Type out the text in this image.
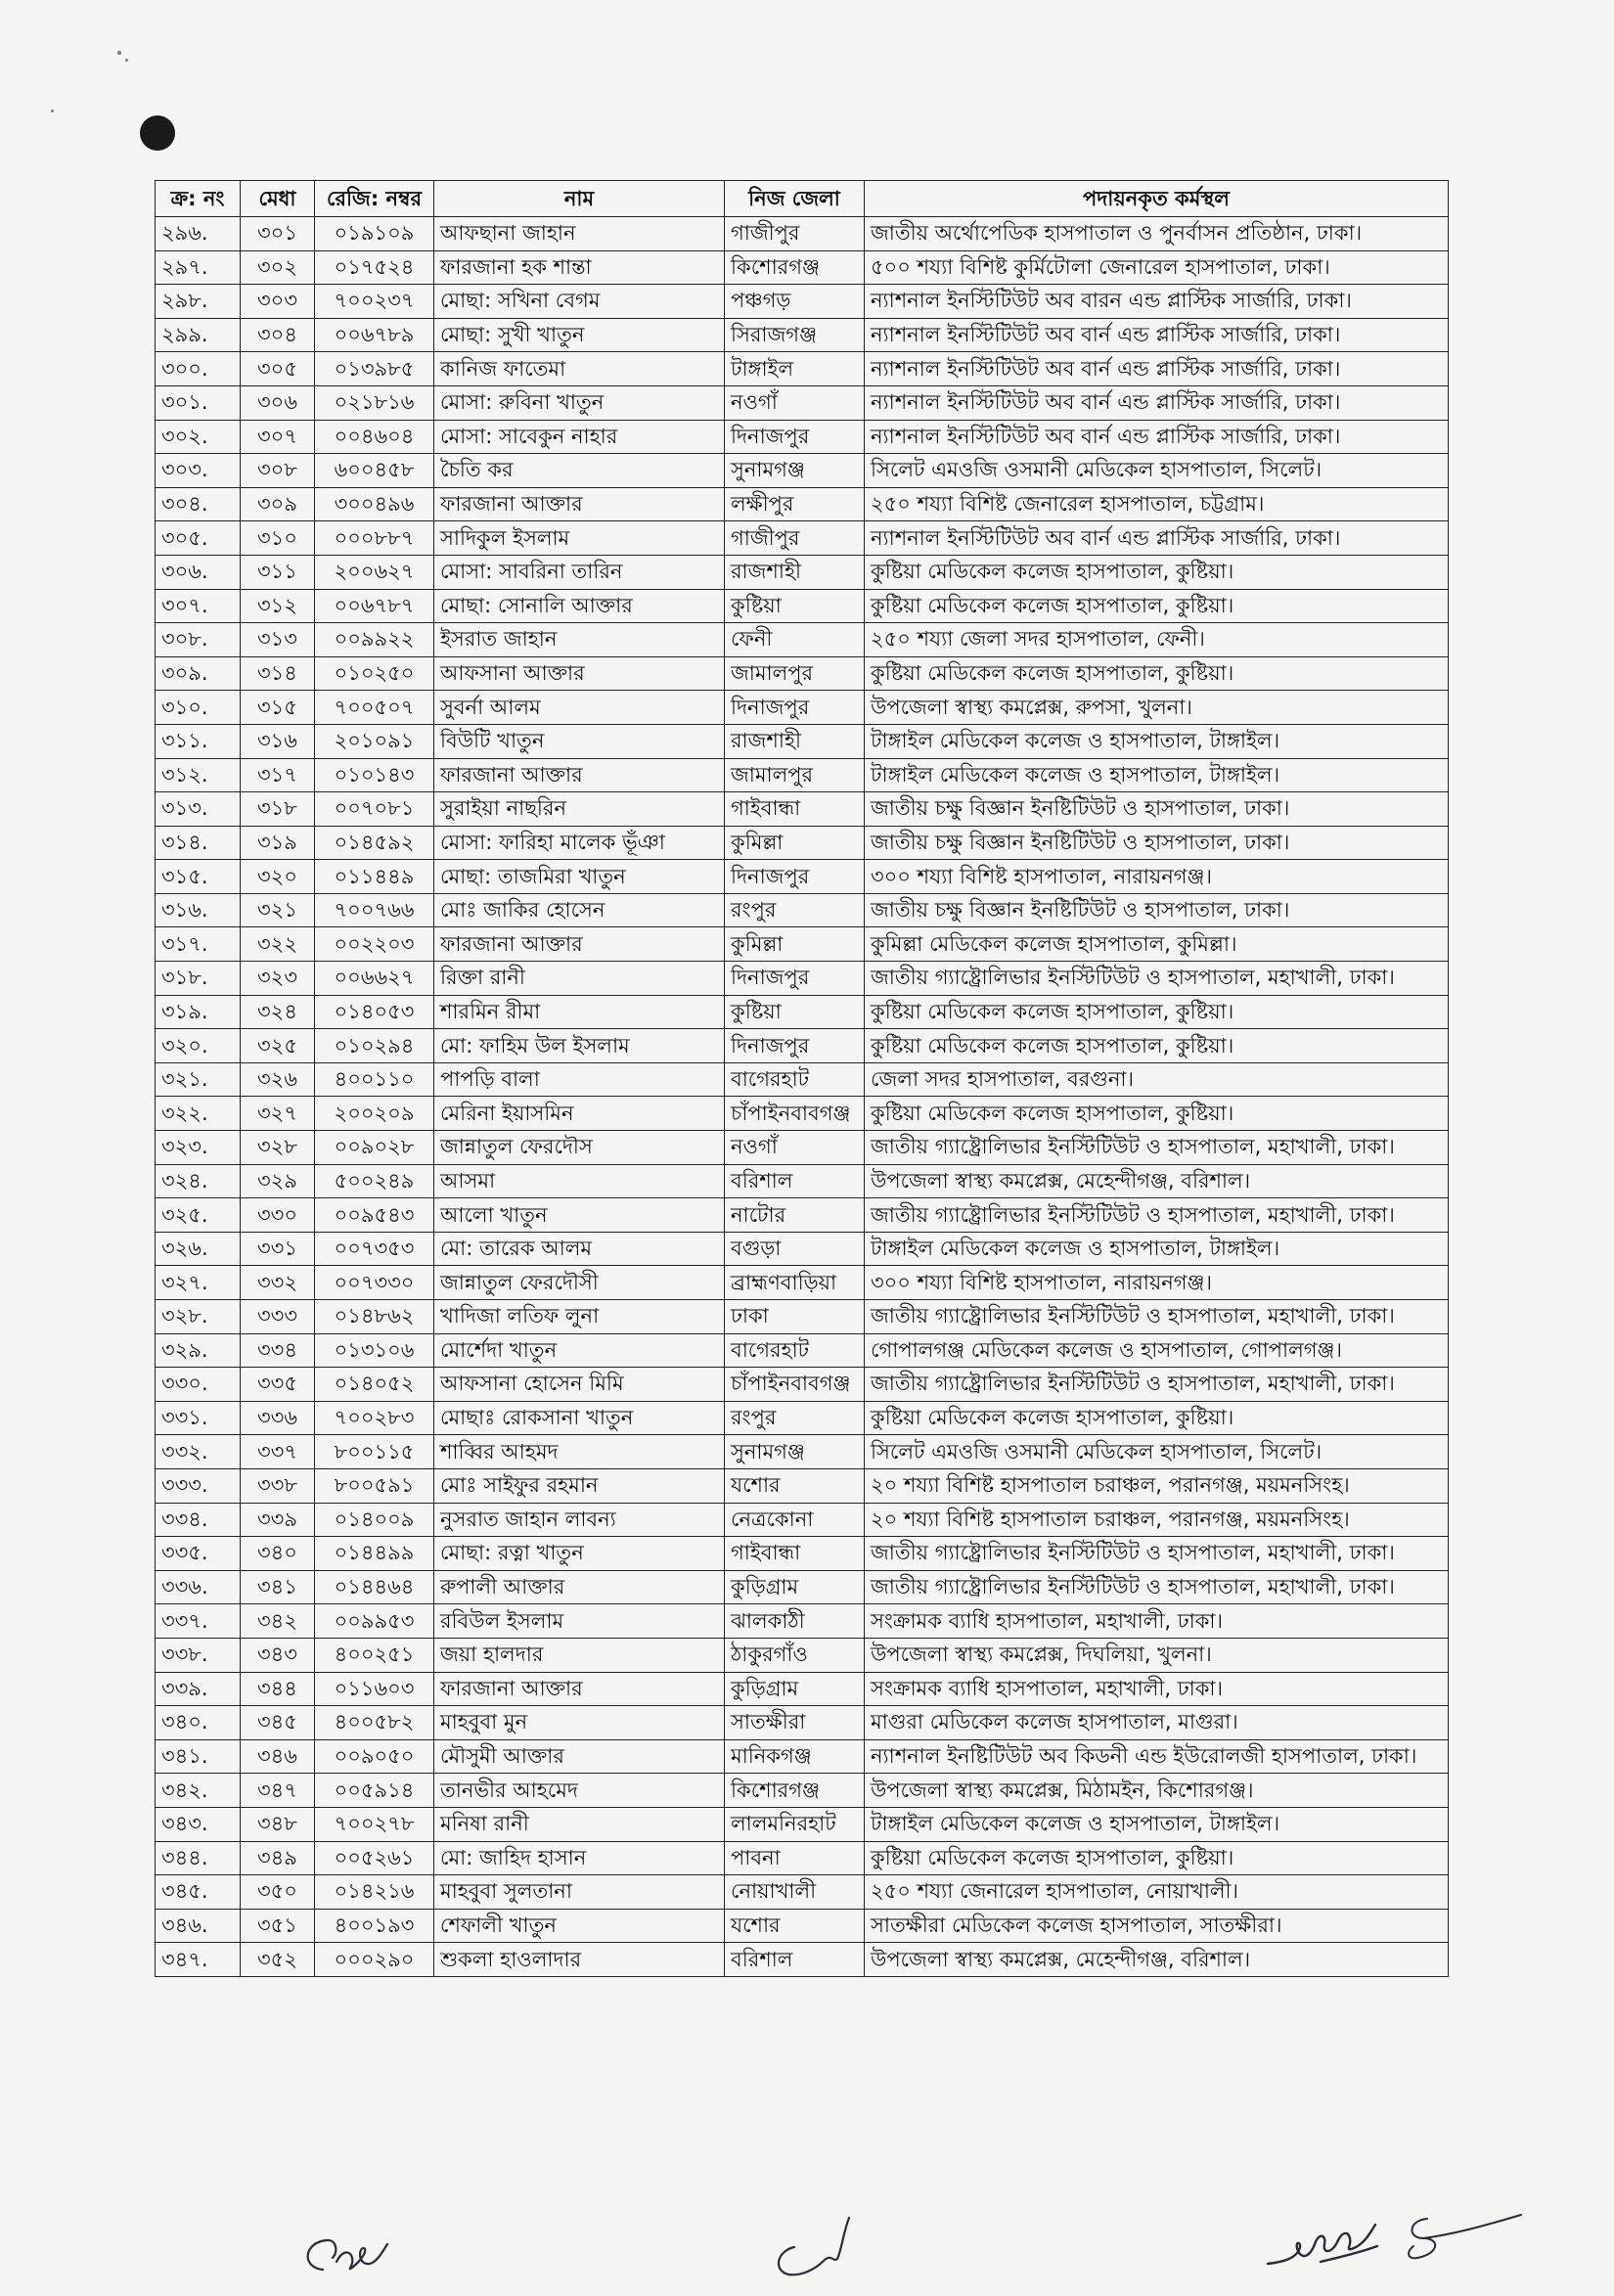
ক্র: নং	মেধা	রেজি: নম্বর	নাম	নিজ জেলা	পদায়নকৃত কর্মস্থল
২৯৬.	৩০১	০১৯১০৯	আফছানা জাহান	গাজীপুর	জাতীয় অর্থোপেডিক হাসপাতাল ও পুনর্বাসন প্রতিষ্ঠান, ঢাকা।
২৯৭.	৩০২	০১৭৫২৪	ফারজানা হক শান্তা	কিশোরগঞ্জ	৫০০ শয্যা বিশিষ্ট কুর্মিটোলা জেনারেল হাসপাতাল, ঢাকা।
২৯৮.	৩০৩	৭০০২৩৭	মোছা: সখিনা বেগম	পঞ্চগড়	ন্যাশনাল ইনস্টিটিউট অব বারন এন্ড প্লাস্টিক সার্জারি, ঢাকা।
২৯৯.	৩০৪	০০৬৭৮৯	মোছা: সুখী খাতুন	সিরাজগঞ্জ	ন্যাশনাল ইনস্টিটিউট অব বার্ন এন্ড প্লাস্টিক সার্জারি, ঢাকা।
৩০০.	৩০৫	০১৩৯৮৫	কানিজ ফাতেমা	টাঙ্গাইল	ন্যাশনাল ইনস্টিটিউট অব বার্ন এন্ড প্লাস্টিক সার্জারি, ঢাকা।
৩০১.	৩০৬	০২১৮১৬	মোসা: রুবিনা খাতুন	নওগাঁ	ন্যাশনাল ইনস্টিটিউট অব বার্ন এন্ড প্লাস্টিক সার্জারি, ঢাকা।
৩০২.	৩০৭	০০৪৬০৪	মোসা: সাবেকুন নাহার	দিনাজপুর	ন্যাশনাল ইনস্টিটিউট অব বার্ন এন্ড প্লাস্টিক সার্জারি, ঢাকা।
৩০৩.	৩০৮	৬০০৪৫৮	চৈতি কর	সুনামগঞ্জ	সিলেট এমওজি ওসমানী মেডিকেল হাসপাতাল, সিলেট।
৩০৪.	৩০৯	৩০০৪৯৬	ফারজানা আক্তার	লক্ষীপুর	২৫০ শয্যা বিশিষ্ট জেনারেল হাসপাতাল, চট্টগ্রাম।
৩০৫.	৩১০	০০০৮৮৭	সাদিকুল ইসলাম	গাজীপুর	ন্যাশনাল ইনস্টিটিউট অব বার্ন এন্ড প্লাস্টিক সার্জারি, ঢাকা।
৩০৬.	৩১১	২০০৬২৭	মোসা: সাবরিনা তারিন	রাজশাহী	কুষ্টিয়া মেডিকেল কলেজ হাসপাতাল, কুষ্টিয়া।
৩০৭.	৩১২	০০৬৭৮৭	মোছা: সোনালি আক্তার	কুষ্টিয়া	কুষ্টিয়া মেডিকেল কলেজ হাসপাতাল, কুষ্টিয়া।
৩০৮.	৩১৩	০০৯৯২২	ইসরাত জাহান	ফেনী	২৫০ শয্যা জেলা সদর হাসপাতাল, ফেনী।
৩০৯.	৩১৪	০১০২৫০	আফসানা আক্তার	জামালপুর	কুষ্টিয়া মেডিকেল কলেজ হাসপাতাল, কুষ্টিয়া।
৩১০.	৩১৫	৭০০৫০৭	সুবর্না আলম	দিনাজপুর	উপজেলা স্বাস্থ্য কমপ্লেক্স, রুপসা, খুলনা।
৩১১.	৩১৬	২০১০৯১	বিউটি খাতুন	রাজশাহী	টাঙ্গাইল মেডিকেল কলেজ ও হাসপাতাল, টাঙ্গাইল।
৩১২.	৩১৭	০১০১৪৩	ফারজানা আক্তার	জামালপুর	টাঙ্গাইল মেডিকেল কলেজ ও হাসপাতাল, টাঙ্গাইল।
৩১৩.	৩১৮	০০৭০৮১	সুরাইয়া নাছরিন	গাইবান্ধা	জাতীয় চক্ষু বিজ্ঞান ইনষ্টিটিউট ও হাসপাতাল, ঢাকা।
৩১৪.	৩১৯	০১৪৫৯২	মোসা: ফারিহা মালেক ভূঁঞা	কুমিল্লা	জাতীয় চক্ষু বিজ্ঞান ইনষ্টিটিউট ও হাসপাতাল, ঢাকা।
৩১৫.	৩২০	০১১৪৪৯	মোছা: তাজমিরা খাতুন	দিনাজপুর	৩০০ শয্যা বিশিষ্ট হাসপাতাল, নারায়নগঞ্জ।
৩১৬.	৩২১	৭০০৭৬৬	মোঃ জাকির হোসেন	রংপুর	জাতীয় চক্ষু বিজ্ঞান ইনষ্টিটিউট ও হাসপাতাল, ঢাকা।
৩১৭.	৩২২	০০২২০৩	ফারজানা আক্তার	কুমিল্লা	কুমিল্লা মেডিকেল কলেজ হাসপাতাল, কুমিল্লা।
৩১৮.	৩২৩	০০৬৬২৭	রিক্তা রানী	দিনাজপুর	জাতীয় গ্যাষ্ট্রোলিভার ইনস্টিটিউট ও হাসপাতাল, মহাখালী, ঢাকা।
৩১৯.	৩২৪	০১৪০৫৩	শারমিন রীমা	কুষ্টিয়া	কুষ্টিয়া মেডিকেল কলেজ হাসপাতাল, কুষ্টিয়া।
৩২০.	৩২৫	০১০২৯৪	মো: ফাহিম উল ইসলাম	দিনাজপুর	কুষ্টিয়া মেডিকেল কলেজ হাসপাতাল, কুষ্টিয়া।
৩২১.	৩২৬	৪০০১১০	পাপড়ি বালা	বাগেরহাট	জেলা সদর হাসপাতাল, বরগুনা।
৩২২.	৩২৭	২০০২০৯	মেরিনা ইয়াসমিন	চাঁপাইনবাবগঞ্জ	কুষ্টিয়া মেডিকেল কলেজ হাসপাতাল, কুষ্টিয়া।
৩২৩.	৩২৮	০০৯০২৮	জান্নাতুল ফেরদৌস	নওগাঁ	জাতীয় গ্যাষ্ট্রোলিভার ইনস্টিটিউট ও হাসপাতাল, মহাখালী, ঢাকা।
৩২৪.	৩২৯	৫০০২৪৯	আসমা	বরিশাল	উপজেলা স্বাস্থ্য কমপ্লেক্স, মেহেন্দীগঞ্জ, বরিশাল।
৩২৫.	৩৩০	০০৯৫৪৩	আলো খাতুন	নাটোর	জাতীয় গ্যাষ্ট্রোলিভার ইনস্টিটিউট ও হাসপাতাল, মহাখালী, ঢাকা।
৩২৬.	৩৩১	০০৭৩৫৩	মো: তারেক আলম	বগুড়া	টাঙ্গাইল মেডিকেল কলেজ ও হাসপাতাল, টাঙ্গাইল।
৩২৭.	৩৩২	০০৭৩৩০	জান্নাতুল ফেরদৌসী	ব্রাহ্মণবাড়িয়া	৩০০ শয্যা বিশিষ্ট হাসপাতাল, নারায়নগঞ্জ।
৩২৮.	৩৩৩	০১৪৮৬২	খাদিজা লতিফ লুনা	ঢাকা	জাতীয় গ্যাষ্ট্রোলিভার ইনস্টিটিউট ও হাসপাতাল, মহাখালী, ঢাকা।
৩২৯.	৩৩৪	০১৩১০৬	মোর্শেদা খাতুন	বাগেরহাট	গোপালগঞ্জ মেডিকেল কলেজ ও হাসপাতাল, গোপালগঞ্জ।
৩৩০.	৩৩৫	০১৪০৫২	আফসানা হোসেন মিমি	চাঁপাইনবাবগঞ্জ	জাতীয় গ্যাষ্ট্রোলিভার ইনস্টিটিউট ও হাসপাতাল, মহাখালী, ঢাকা।
৩৩১.	৩৩৬	৭০০২৮৩	মোছাঃ রোকসানা খাতুন	রংপুর	কুষ্টিয়া মেডিকেল কলেজ হাসপাতাল, কুষ্টিয়া।
৩৩২.	৩৩৭	৮০০১১৫	শাব্বির আহমদ	সুনামগঞ্জ	সিলেট এমওজি ওসমানী মেডিকেল হাসপাতাল, সিলেট।
৩৩৩.	৩৩৮	৮০০৫৯১	মোঃ সাইফুর রহমান	যশোর	২০ শয্যা বিশিষ্ট হাসপাতাল চরাঞ্চল, পরানগঞ্জ, ময়মনসিংহ।
৩৩৪.	৩৩৯	০১৪০০৯	নুসরাত জাহান লাবন্য	নেত্রকোনা	২০ শয্যা বিশিষ্ট হাসপাতাল চরাঞ্চল, পরানগঞ্জ, ময়মনসিংহ।
৩৩৫.	৩৪০	০১৪৪৯৯	মোছা: রত্না খাতুন	গাইবান্ধা	জাতীয় গ্যাষ্ট্রোলিভার ইনস্টিটিউট ও হাসপাতাল, মহাখালী, ঢাকা।
৩৩৬.	৩৪১	০১৪৪৬৪	রুপালী আক্তার	কুড়িগ্রাম	জাতীয় গ্যাষ্ট্রোলিভার ইনস্টিটিউট ও হাসপাতাল, মহাখালী, ঢাকা।
৩৩৭.	৩৪২	০০৯৯৫৩	রবিউল ইসলাম	ঝালকাঠী	সংক্রামক ব্যাধি হাসপাতাল, মহাখালী, ঢাকা।
৩৩৮.	৩৪৩	৪০০২৫১	জয়া হালদার	ঠাকুরগাঁও	উপজেলা স্বাস্থ্য কমপ্লেক্স, দিঘলিয়া, খুলনা।
৩৩৯.	৩৪৪	০১১৬০৩	ফারজানা আক্তার	কুড়িগ্রাম	সংক্রামক ব্যাধি হাসপাতাল, মহাখালী, ঢাকা।
৩৪০.	৩৪৫	৪০০৫৮২	মাহবুবা মুন	সাতক্ষীরা	মাগুরা মেডিকেল কলেজ হাসপাতাল, মাগুরা।
৩৪১.	৩৪৬	০০৯০৫০	মৌসুমী আক্তার	মানিকগঞ্জ	ন্যাশনাল ইনষ্টিটিউট অব কিডনী এন্ড ইউরোলজী হাসপাতাল, ঢাকা।
৩৪২.	৩৪৭	০০৫৯১৪	তানভীর আহমেদ	কিশোরগঞ্জ	উপজেলা স্বাস্থ্য কমপ্লেক্স, মিঠামইন, কিশোরগঞ্জ।
৩৪৩.	৩৪৮	৭০০২৭৮	মনিষা রানী	লালমনিরহাট	টাঙ্গাইল মেডিকেল কলেজ ও হাসপাতাল, টাঙ্গাইল।
৩৪৪.	৩৪৯	০০৫২৬১	মো: জাহিদ হাসান	পাবনা	কুষ্টিয়া মেডিকেল কলেজ হাসপাতাল, কুষ্টিয়া।
৩৪৫.	৩৫০	০১৪২১৬	মাহবুবা সুলতানা	নোয়াখালী	২৫০ শয্যা জেনারেল হাসপাতাল, নোয়াখালী।
৩৪৬.	৩৫১	৪০০১৯৩	শেফালী খাতুন	যশোর	সাতক্ষীরা মেডিকেল কলেজ হাসপাতাল, সাতক্ষীরা।
৩৪৭.	৩৫২	০০০২৯০	শুকলা হাওলাদার	বরিশাল	উপজেলা স্বাস্থ্য কমপ্লেক্স, মেহেন্দীগঞ্জ, বরিশাল।
